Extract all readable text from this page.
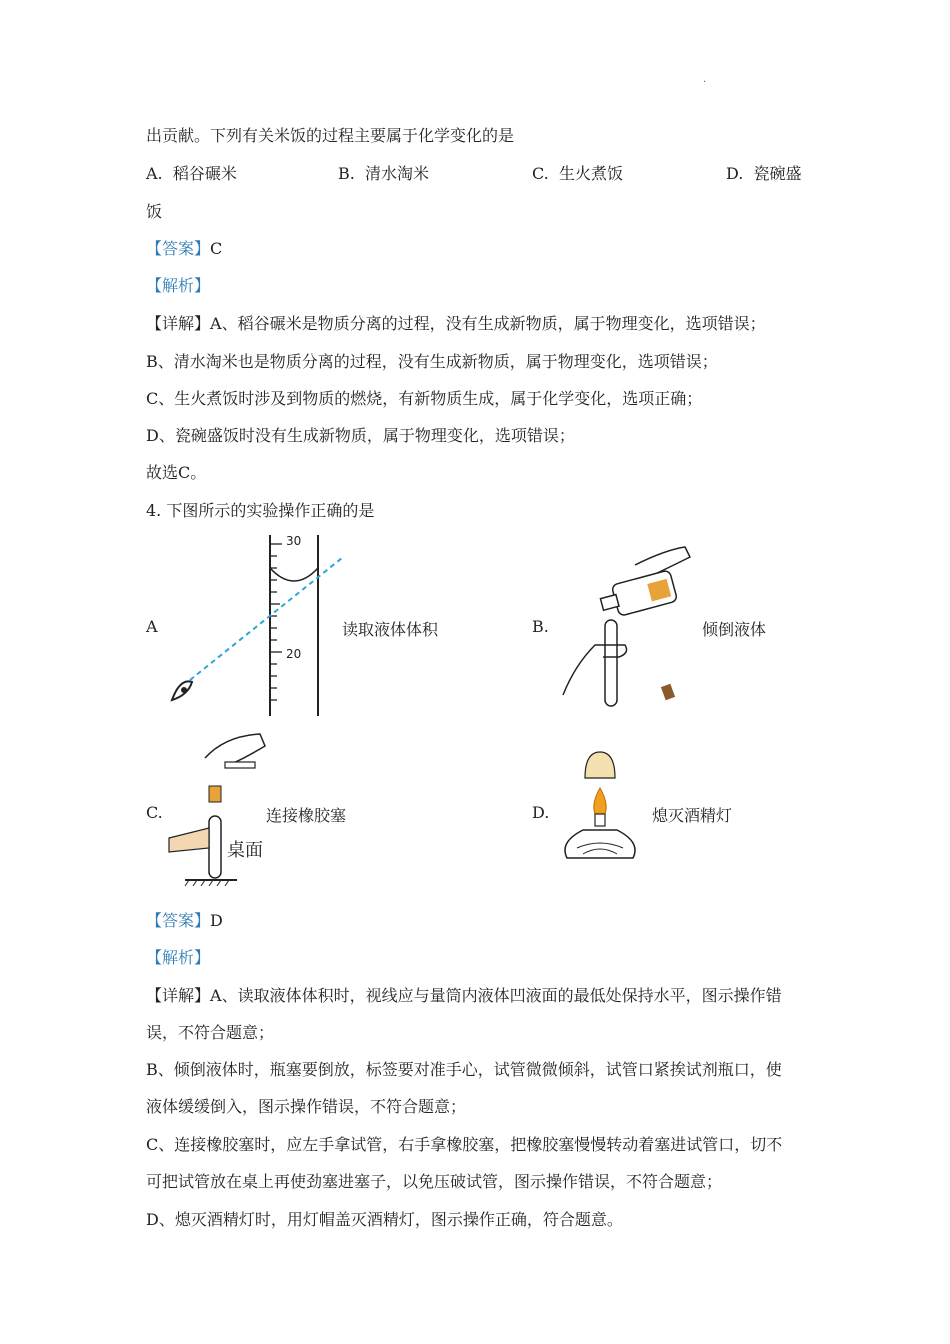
.
出贡献。下列有关米饭的过程主要属于化学变化的是
A. 稻谷碾米	B. 清水淘米	C. 生火煮饭	D. 瓷碗盛
饭
【答案】C
【解析】
【详解】A、稻谷碾米是物质分离的过程，没有生成新物质，属于物理变化，选项错误；
B、清水淘米也是物质分离的过程，没有生成新物质，属于物理变化，选项错误；
C、生火煮饭时涉及到物质的燃烧，有新物质生成，属于化学变化，选项正确；
D、瓷碗盛饭时没有生成新物质，属于物理变化，选项错误；
故选C。
4. 下图所示的实验操作正确的是
A	读取液体体积
30
20
B.	倾倒液体
C.	连接橡胶塞
桌面
D.	熄灭酒精灯
【答案】D
【解析】
【详解】A、读取液体体积时，视线应与量筒内液体凹液面的最低处保持水平，图示操作错
误，不符合题意；
B、倾倒液体时，瓶塞要倒放，标签要对准手心，试管微微倾斜，试管口紧挨试剂瓶口，使
液体缓缓倒入，图示操作错误，不符合题意；
C、连接橡胶塞时，应左手拿试管，右手拿橡胶塞，把橡胶塞慢慢转动着塞进试管口，切不
可把试管放在桌上再使劲塞进塞子，以免压破试管，图示操作错误，不符合题意；
D、熄灭酒精灯时，用灯帽盖灭酒精灯，图示操作正确，符合题意。
